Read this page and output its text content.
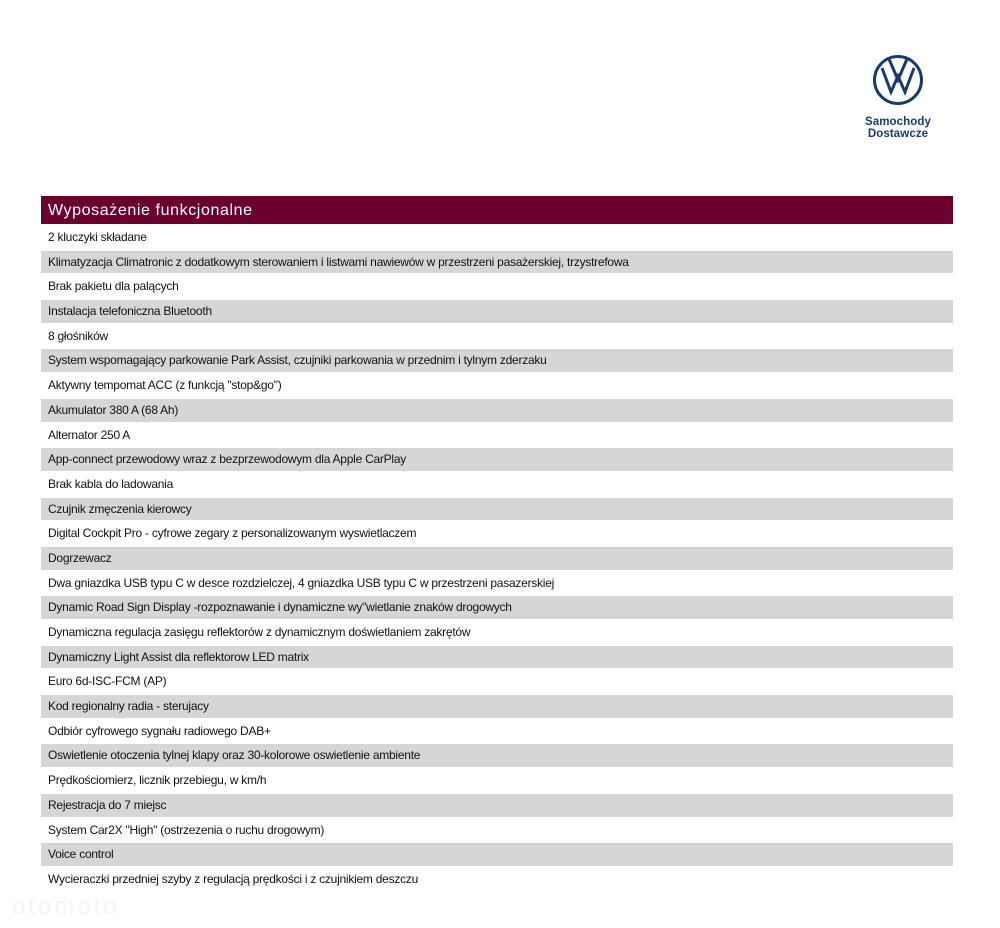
Samochody
Dostawcze
Wyposażenie funkcjonalne
2 kluczyki składane
Klimatyzacja Climatronic z dodatkowym sterowaniem i listwami nawiewów w przestrzeni pasażerskiej, trzystrefowa
Brak pakietu dla palących
Instalacja telefoniczna Bluetooth
8 głośników
System wspomagający parkowanie Park Assist, czujniki parkowania w przednim i tylnym zderzaku
Aktywny tempomat ACC (z funkcją "stop&go")
Akumulator 380 A (68 Ah)
Alternator 250 A
App-connect przewodowy wraz z bezprzewodowym dla Apple CarPlay
Brak kabla do ladowania
Czujnik zmęczenia kierowcy
Digital Cockpit Pro - cyfrowe zegary z personalizowanym wyswietlaczem
Dogrzewacz
Dwa gniazdka USB typu C w desce rozdzielczej, 4 gniazdka USB typu C w przestrzeni pasazerskiej
Dynamic Road Sign Display -rozpoznawanie i dynamiczne wy"wietlanie znaków drogowych
Dynamiczna regulacja zasięgu reflektorów z dynamicznym doświetlaniem zakrętów
Dynamiczny Light Assist dla reflektorow LED matrix
Euro 6d-ISC-FCM (AP)
Kod regionalny radia - sterujacy
Odbiór cyfrowego sygnału radiowego DAB+
Oswietlenie otoczenia tylnej klapy oraz 30-kolorowe oswietlenie ambiente
Prędkościomierz, licznik przebiegu, w km/h
Rejestracja do 7 miejsc
System Car2X "High" (ostrzezenia o ruchu drogowym)
Voice control
Wycieraczki przedniej szyby z regulacją prędkości i z czujnikiem deszczu
otomoto
